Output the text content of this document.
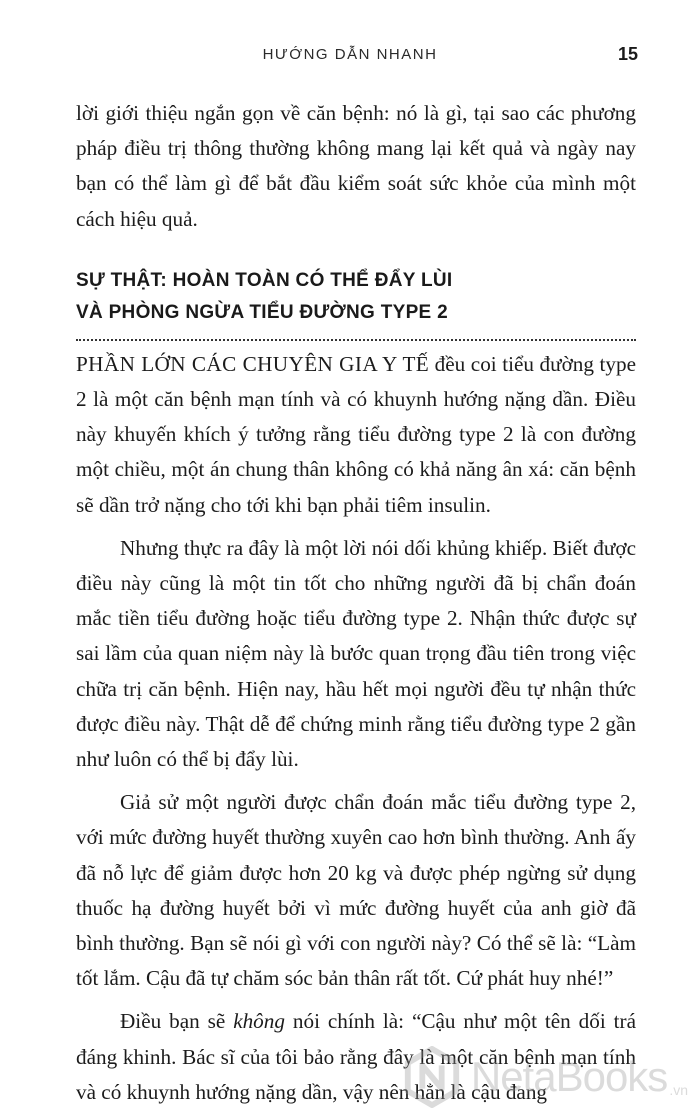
HƯỚNG DẪN NHANH	15

lời giới thiệu ngắn gọn về căn bệnh: nó là gì, tại sao các phương pháp điều trị thông thường không mang lại kết quả và ngày nay bạn có thể làm gì để bắt đầu kiểm soát sức khỏe của mình một cách hiệu quả.

SỰ THẬT: HOÀN TOÀN CÓ THỂ ĐẨY LÙI
VÀ PHÒNG NGỪA TIỂU ĐƯỜNG TYPE 2

PHẦN LỚN CÁC CHUYÊN GIA Y TẾ đều coi tiểu đường type 2 là một căn bệnh mạn tính và có khuynh hướng nặng dần. Điều này khuyến khích ý tưởng rằng tiểu đường type 2 là con đường một chiều, một án chung thân không có khả năng ân xá: căn bệnh sẽ dần trở nặng cho tới khi bạn phải tiêm insulin.

Nhưng thực ra đây là một lời nói dối khủng khiếp. Biết được điều này cũng là một tin tốt cho những người đã bị chẩn đoán mắc tiền tiểu đường hoặc tiểu đường type 2. Nhận thức được sự sai lầm của quan niệm này là bước quan trọng đầu tiên trong việc chữa trị căn bệnh. Hiện nay, hầu hết mọi người đều tự nhận thức được điều này. Thật dễ để chứng minh rằng tiểu đường type 2 gần như luôn có thể bị đẩy lùi.

Giả sử một người được chẩn đoán mắc tiểu đường type 2, với mức đường huyết thường xuyên cao hơn bình thường. Anh ấy đã nỗ lực để giảm được hơn 20 kg và được phép ngừng sử dụng thuốc hạ đường huyết bởi vì mức đường huyết của anh giờ đã bình thường. Bạn sẽ nói gì với con người này? Có thể sẽ là: “Làm tốt lắm. Cậu đã tự chăm sóc bản thân rất tốt. Cứ phát huy nhé!”

Điều bạn sẽ không nói chính là: “Cậu như một tên dối trá đáng khinh. Bác sĩ của tôi bảo rằng đây là một căn bệnh mạn tính và có khuynh hướng nặng dần, vậy nên hẳn là cậu đang

NetaBooks .vn
